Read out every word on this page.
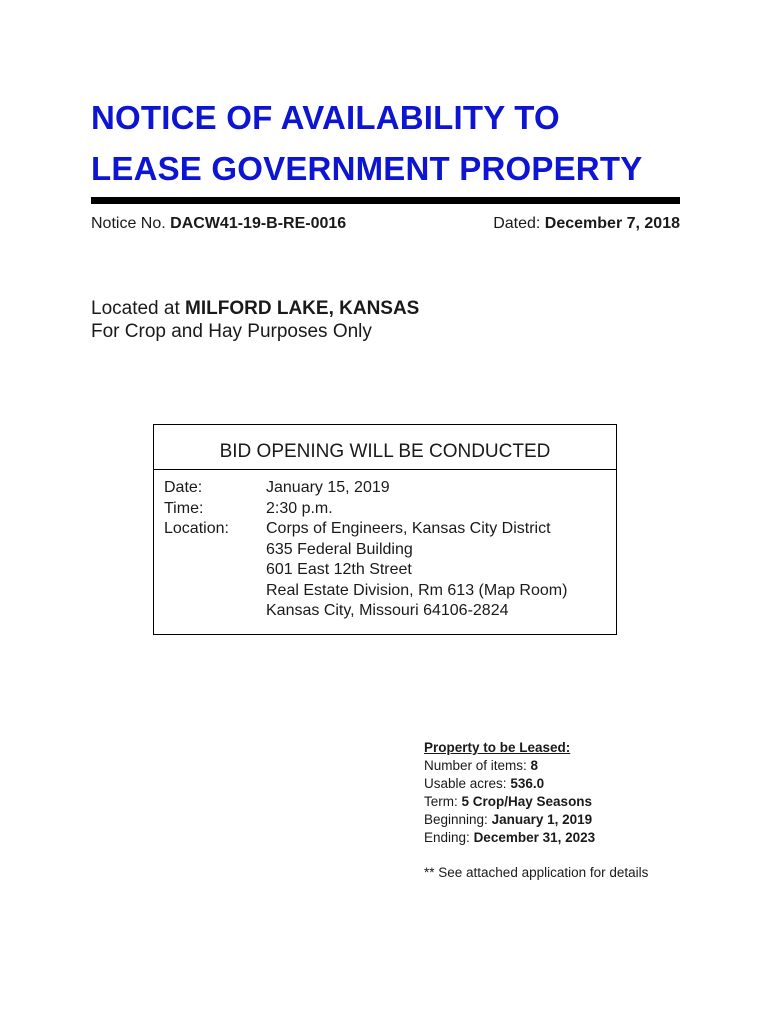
NOTICE OF AVAILABILITY TO
LEASE GOVERNMENT PROPERTY
Notice No. DACW41-19-B-RE-0016	Dated: December 7, 2018
Located at MILFORD LAKE, KANSAS
For Crop and Hay Purposes Only
BID OPENING WILL BE CONDUCTED
Date:	January 15, 2019
Time:	2:30 p.m.
Location: Corps of Engineers, Kansas City District
635 Federal Building
601 East 12th Street
Real Estate Division, Rm 613 (Map Room)
Kansas City, Missouri 64106-2824
Property to be Leased:
Number of items: 8
Usable acres: 536.0
Term: 5 Crop/Hay Seasons
Beginning: January 1, 2019
Ending: December 31, 2023
** See attached application for details
